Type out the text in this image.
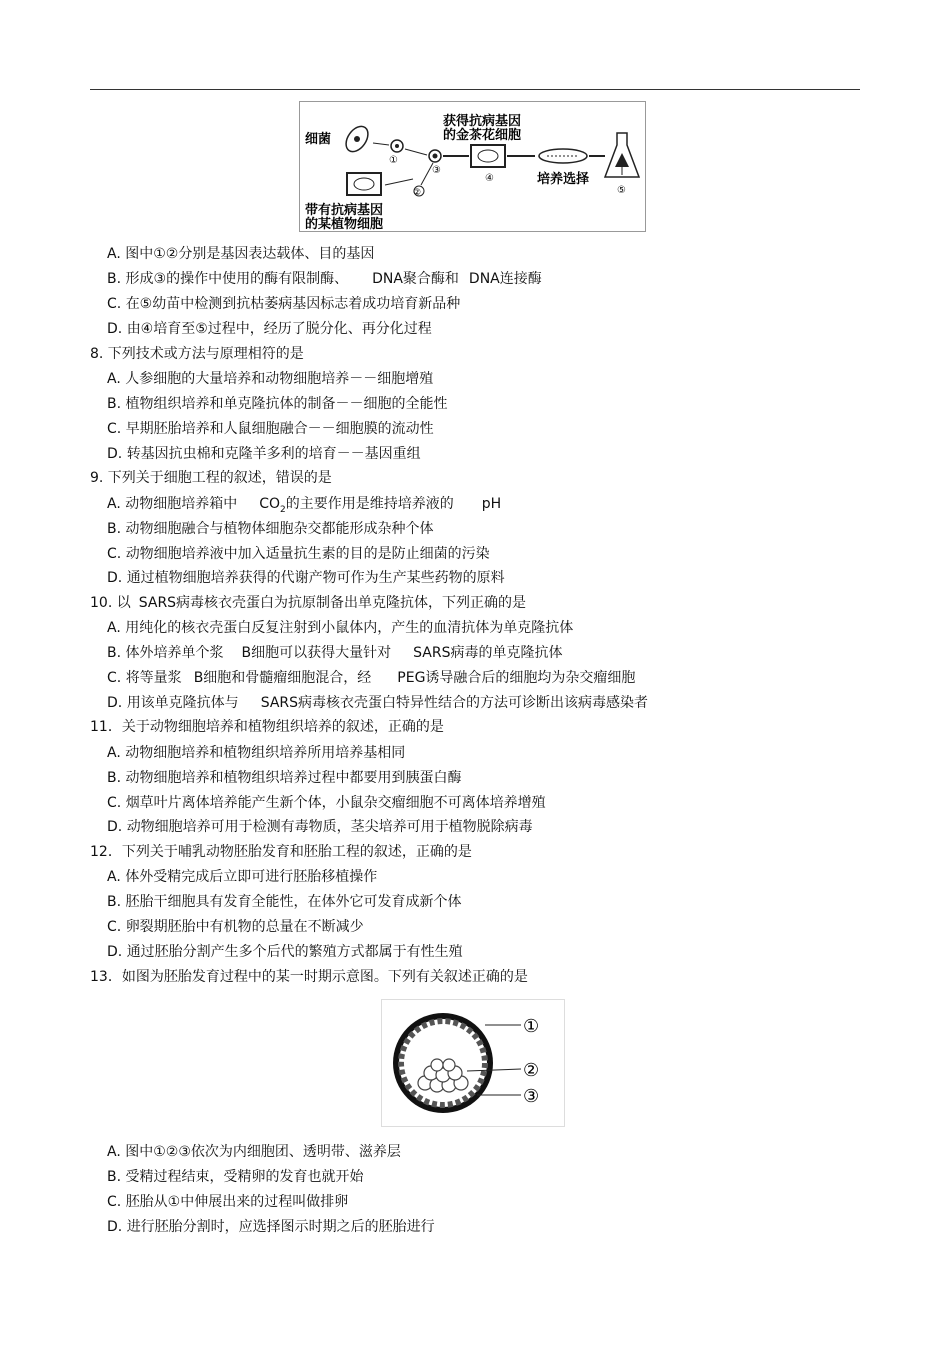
细菌
①
③
获得抗病基因
的金茶花细胞
④	培养选择
⑤
②
带有抗病基因
的某植物细胞
A. 图中①②分别是基因表达载体、目的基因
B. 形成③的操作中使用的酶有限制酶、 DNA聚合酶和 DNA连接酶
C. 在⑤幼苗中检测到抗枯萎病基因标志着成功培育新品种
D. 由④培育至⑤过程中，经历了脱分化、再分化过程
8. 下列技术或方法与原理相符的是
A. 人参细胞的大量培养和动物细胞培养－－细胞增殖
B. 植物组织培养和单克隆抗体的制备－－细胞的全能性
C. 早期胚胎培养和人鼠细胞融合－－细胞膜的流动性
D. 转基因抗虫棉和克隆羊多利的培育－－基因重组
9. 下列关于细胞工程的叙述，错误的是
A. 动物细胞培养箱中 $CO_2$的主要作用是维持培养液的 pH
B. 动物细胞融合与植物体细胞杂交都能形成杂种个体
C. 动物细胞培养液中加入适量抗生素的目的是防止细菌的污染
D. 通过植物细胞培养获得的代谢产物可作为生产某些药物的原料
10. 以 SARS病毒核衣壳蛋白为抗原制备出单克隆抗体，下列正确的是
A. 用纯化的核衣壳蛋白反复注射到小鼠体内，产生的血清抗体为单克隆抗体
B. 体外培养单个浆 B细胞可以获得大量针对 SARS病毒的单克隆抗体
C. 将等量浆 B细胞和骨髓瘤细胞混合，经 PEG诱导融合后的细胞均为杂交瘤细胞
D. 用该单克隆抗体与 SARS病毒核衣壳蛋白特异性结合的方法可诊断出该病毒感染者
11．关于动物细胞培养和植物组织培养的叙述，正确的是
A. 动物细胞培养和植物组织培养所用培养基相同
B. 动物细胞培养和植物组织培养过程中都要用到胰蛋白酶
C. 烟草叶片离体培养能产生新个体，小鼠杂交瘤细胞不可离体培养增殖
D. 动物细胞培养可用于检测有毒物质，茎尖培养可用于植物脱除病毒
12．下列关于哺乳动物胚胎发育和胚胎工程的叙述，正确的是
A. 体外受精完成后立即可进行胚胎移植操作
B. 胚胎干细胞具有发育全能性，在体外它可发育成新个体
C. 卵裂期胚胎中有机物的总量在不断减少
D. 通过胚胎分割产生多个后代的繁殖方式都属于有性生殖
13．如图为胚胎发育过程中的某一时期示意图。下列有关叙述正确的是
①
②
③
A. 图中①②③依次为内细胞团、透明带、滋养层
B. 受精过程结束，受精卵的发育也就开始
C. 胚胎从①中伸展出来的过程叫做排卵
D. 进行胚胎分割时，应选择图示时期之后的胚胎进行
